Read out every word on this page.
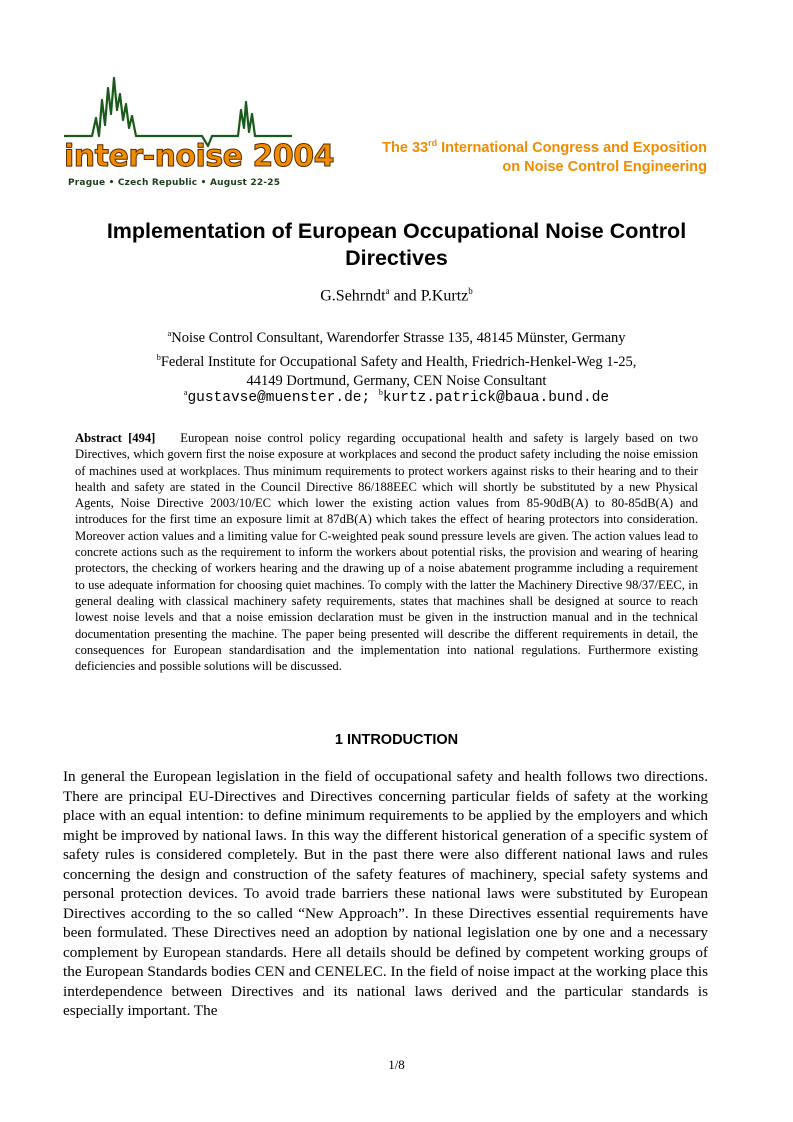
inter-noise 2004
Prague • Czech Republic • August 22-25
The 33rd International Congress and Exposition
on Noise Control Engineering
Implementation of European Occupational Noise Control Directives
G.Sehrndt$^a$ and P.Kurtz$^b$
$^a$Noise Control Consultant, Warendorfer Strasse 135, 48145 Münster, Germany
$^b$Federal Institute for Occupational Safety and Health, Friedrich-Henkel-Weg 1-25,
44149 Dortmund, Germany, CEN Noise Consultant
$^a$gustavse@muenster.de; $^b$kurtz.patrick@baua.bund.de
Abstract [494] European noise control policy regarding occupational health and safety is largely based on two Directives, which govern first the noise exposure at workplaces and second the product safety including the noise emission of machines used at workplaces. Thus minimum requirements to protect workers against risks to their hearing and to their health and safety are stated in the Council Directive 86/188EEC which will shortly be substituted by a new Physical Agents, Noise Directive 2003/10/EC which lower the existing action values from 85-90dB(A) to 80-85dB(A) and introduces for the first time an exposure limit at 87dB(A) which takes the effect of hearing protectors into consideration. Moreover action values and a limiting value for C-weighted peak sound pressure levels are given. The action values lead to concrete actions such as the requirement to inform the workers about potential risks, the provision and wearing of hearing protectors, the checking of workers hearing and the drawing up of a noise abatement programme including a requirement to use adequate information for choosing quiet machines. To comply with the latter the Machinery Directive 98/37/EEC, in general dealing with classical machinery safety requirements, states that machines shall be designed at source to reach lowest noise levels and that a noise emission declaration must be given in the instruction manual and in the technical documentation presenting the machine. The paper being presented will describe the different requirements in detail, the consequences for European standardisation and the implementation into national regulations. Furthermore existing deficiencies and possible solutions will be discussed.
1 INTRODUCTION
In general the European legislation in the field of occupational safety and health follows two directions. There are principal EU-Directives and Directives concerning particular fields of safety at the working place with an equal intention: to define minimum requirements to be applied by the employers and which might be improved by national laws. In this way the different historical generation of a specific system of safety rules is considered completely. But in the past there were also different national laws and rules concerning the design and construction of the safety features of machinery, special safety systems and personal protection devices. To avoid trade barriers these national laws were substituted by European Directives according to the so called “New Approach”. In these Directives essential requirements have been formulated. These Directives need an adoption by national legislation one by one and a necessary complement by European standards. Here all details should be defined by competent working groups of the European Standards bodies CEN and CENELEC. In the field of noise impact at the working place this interdependence between Directives and its national laws derived and the particular standards is especially important. The
1/8
